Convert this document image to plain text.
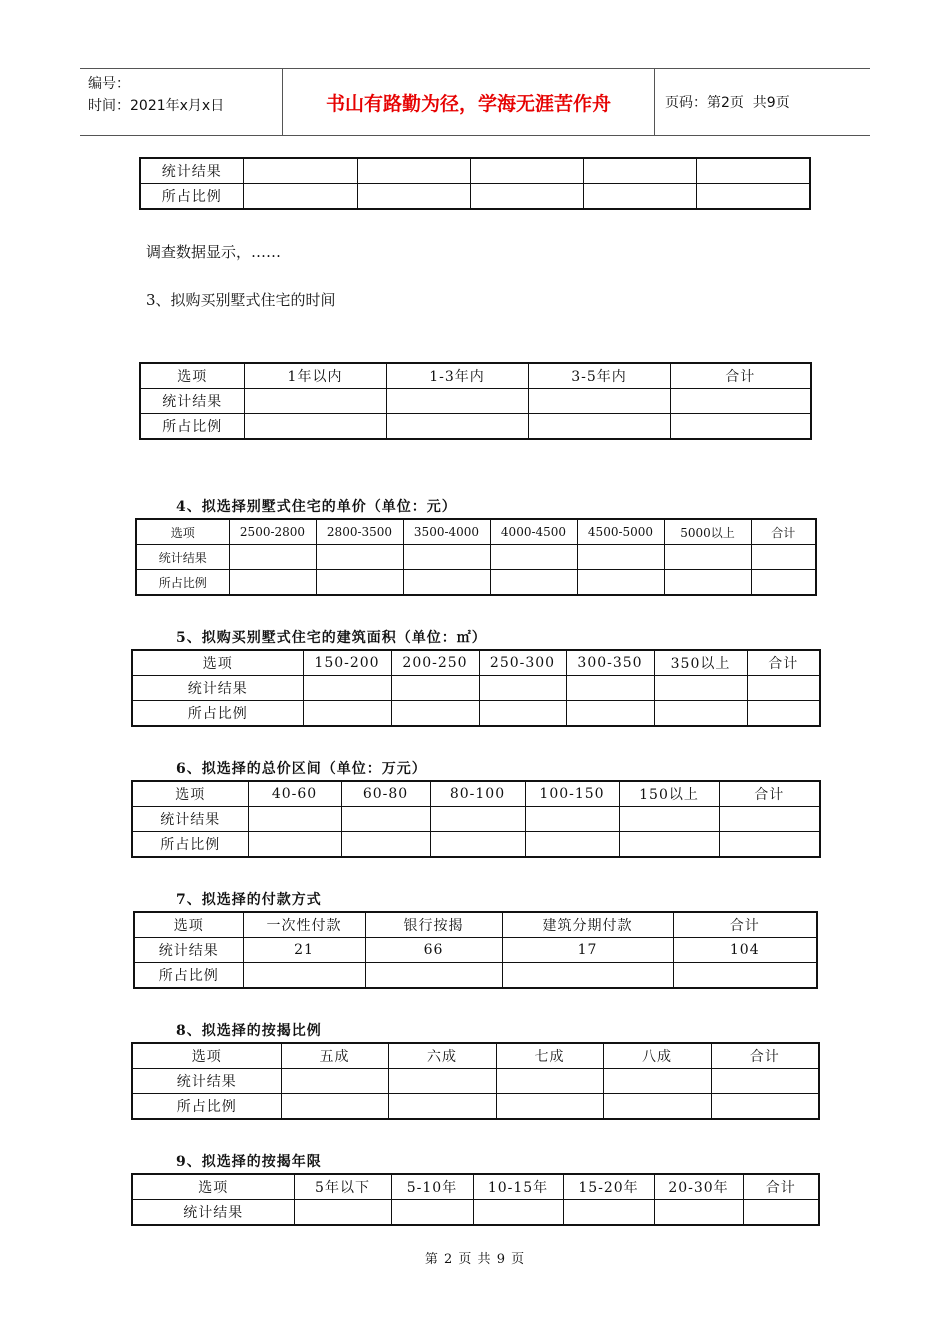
编号：
时间：2021年x月x日	书山有路勤为径，学海无涯苦作舟	页码：第2页  共9页
统计结果					
所占比例					
调查数据显示，……
3、拟购买别墅式住宅的时间
选项	1年以内	1-3年内	3-5年内	合计
统计结果				
所占比例				
4、拟选择别墅式住宅的单价（单位：元）
选项	2500-2800	2800-3500	3500-4000	4000-4500	4500-5000	5000以上	合计
统计结果							
所占比例							
5、拟购买别墅式住宅的建筑面积（单位：㎡）
选项	150-200	200-250	250-300	300-350	350以上	合计
统计结果						
所占比例						
6、拟选择的总价区间（单位：万元）
选项	40-60	60-80	80-100	100-150	150以上	合计
统计结果						
所占比例						
7、拟选择的付款方式
选项	一次性付款	银行按揭	建筑分期付款	合计
统计结果	21	66	17	104
所占比例				
8、拟选择的按揭比例
选项	五成	六成	七成	八成	合计
统计结果					
所占比例					
9、拟选择的按揭年限
选项	5年以下	5-10年	10-15年	15-20年	20-30年	合计
统计结果						
第 2 页 共 9 页
